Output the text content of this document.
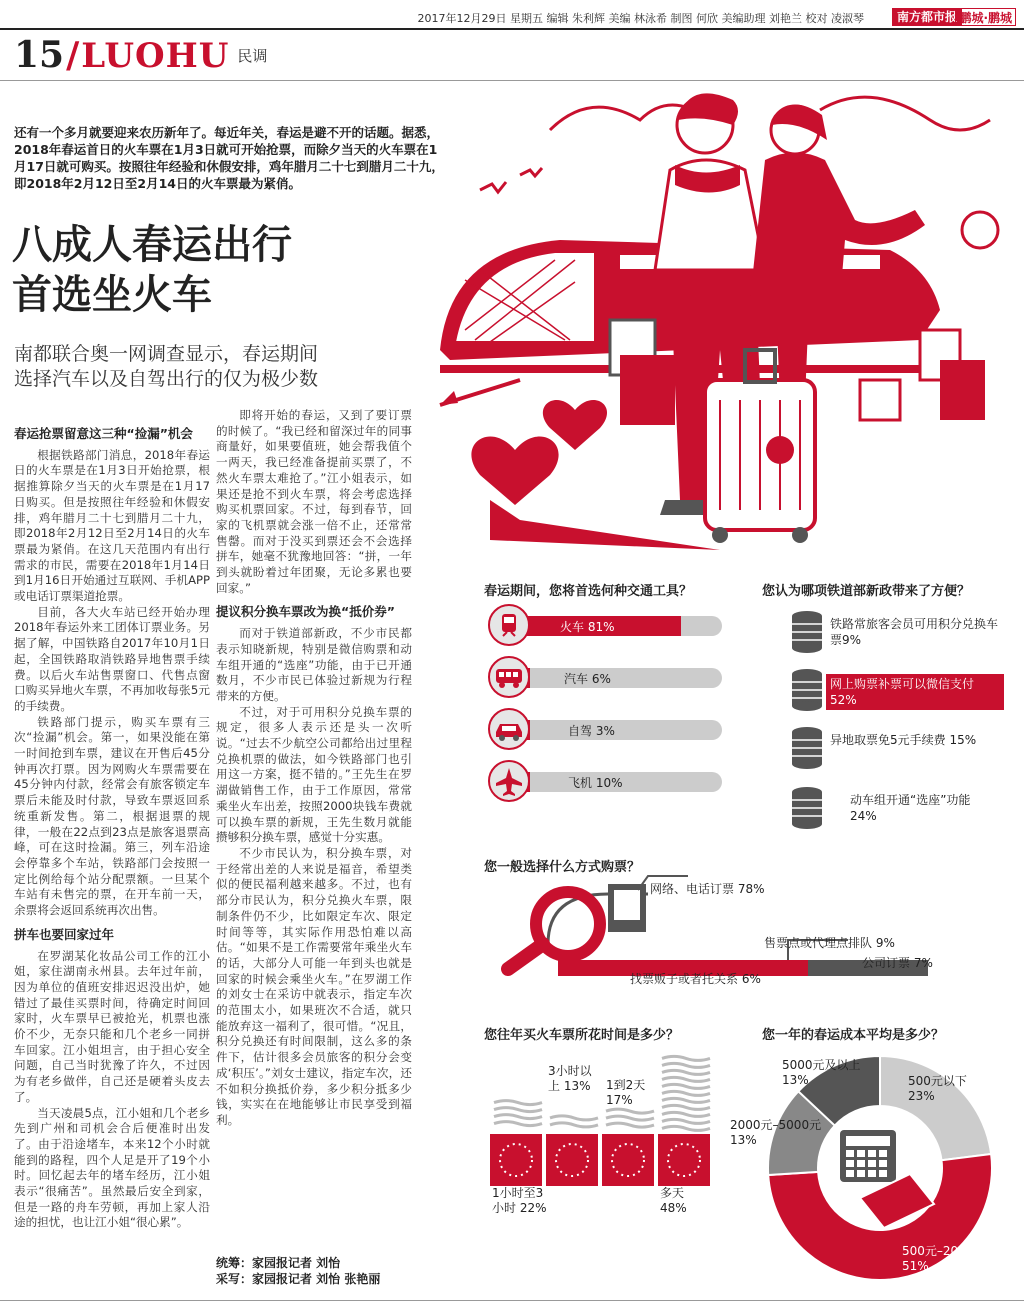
2017年12月29日 星期五 编辑 朱利辉 美编 林泳希 制图 何欣 美编助理 刘艳兰 校对 凌淑琴	南方都市报 鹏城·鹏城
15/LUOHU 民调
还有一个多月就要迎来农历新年了。每近年关，春运是避不开的话题。据悉，2018年春运首日的火车票在1月3日就可开始抢票，而除夕当天的火车票在1月17日就可购买。按照往年经验和休假安排，鸡年腊月二十七到腊月二十九，即2018年2月12日至2月14日的火车票最为紧俏。
八成人春运出行
首选坐火车
南都联合奥一网调查显示，春运期间
选择汽车以及自驾出行的仅为极少数
春运抢票留意这三种“捡漏”机会

根据铁路部门消息，2018年春运日的火车票是在1月3日开始抢票，根据推算除夕当天的火车票是在1月17日购买。但是按照往年经验和休假安排，鸡年腊月二十七到腊月二十九，即2018年2月12日至2月14日的火车票最为紧俏。在这几天范围内有出行需求的市民，需要在2018年1月14日到1月16日开始通过互联网、手机APP或电话订票渠道抢票。

目前，各大火车站已经开始办理2018年春运外来工团体订票业务。另据了解，中国铁路自2017年10月1日起，全国铁路取消铁路异地售票手续费。以后火车站售票窗口、代售点窗口购买异地火车票，不再加收每张5元的手续费。

铁路部门提示，购买车票有三次“捡漏”机会。第一，如果没能在第一时间抢到车票，建议在开售后45分钟再次打票。因为网购火车票需要在45分钟内付款，经常会有旅客锁定车票后未能及时付款，导致车票返回系统重新发售。第二，根据退票的规律，一般在22点到23点是旅客退票高峰，可在这时捡漏。第三，列车沿途会停靠多个车站，铁路部门会按照一定比例给每个站分配票额。一旦某个车站有未售完的票，在开车前一天，余票将会返回系统再次出售。

拼车也要回家过年

在罗湖某化妆品公司工作的江小姐，家住湖南永州县。去年过年前，因为单位的值班安排迟迟没出炉，她错过了最佳买票时间，待确定时间回家时，火车票早已被抢光，机票也涨价不少，无奈只能和几个老乡一同拼车回家。江小姐坦言，由于担心安全问题，自己当时犹豫了许久，不过因为有老乡做伴，自己还是硬着头皮去了。

当天凌晨5点，江小姐和几个老乡先到广州和司机会合后便准时出发了。由于沿途堵车，本来12个小时就能到的路程，四个人足是开了19个小时。回忆起去年的堵车经历，江小姐表示“很痛苦”。虽然最后安全到家，但是一路的舟车劳顿，再加上家人沿途的担忧，也让江小姐“很心累”。

即将开始的春运，又到了要订票的时候了。“我已经和留深过年的同事商量好，如果要值班，她会帮我值个一两天，我已经准备提前买票了，不然火车票太难抢了。”江小姐表示，如果还是抢不到火车票，将会考虑选择购买机票回家。不过，每到春节，回家的飞机票就会涨一倍不止，还常常售罄。而对于没买到票还会不会选择拼车，她毫不犹豫地回答：“拼，一年到头就盼着过年团聚，无论多累也要回家。”

提议积分换车票改为换“抵价券”

而对于铁道部新政，不少市民都表示知晓新规，特别是微信购票和动车组开通的“选座”功能，由于已开通数月，不少市民已体验过新规为行程带来的方便。

不过，对于可用积分兑换车票的规定，很多人表示还是头一次听说。“过去不少航空公司都给出过里程兑换机票的做法，如今铁路部门也引用这一方案，挺不错的。”王先生在罗湖做销售工作，由于工作原因，常常乘坐火车出差，按照2000块钱车费就可以换车票的新规，王先生数月就能攒够积分换车票，感觉十分实惠。

不少市民认为，积分换车票，对于经常出差的人来说是福音，希望类似的便民福利越来越多。不过，也有部分市民认为，积分兑换火车票，限制条件仍不少，比如限定车次、限定时间等等，其实际作用恐怕难以高估。“如果不是工作需要常年乘坐火车的话，大部分人可能一年到头也就是回家的时候会乘坐火车。”在罗湖工作的刘女士在采访中就表示，指定车次的范围太小，如果班次不合适，就只能放弃这一福利了，很可惜。“况且，积分兑换还有时间限制，这么多的条件下，估计很多会员旅客的积分会变成‘积压’。”刘女士建议，指定车次，还不如积分换抵价券，多少积分抵多少钱，实实在在地能够让市民享受到福利。

统筹：家园报记者 刘怡
采写：家园报记者 刘怡 张艳丽
春运期间，您将首选何种交通工具？
火车 81%
汽车 6%
自驾 3%
飞机 10%
您认为哪项铁道部新政带来了方便？
铁路常旅客会员可用积分兑换车票9%
网上购票补票可以微信支付 52%
异地取票免5元手续费 15%
动车组开通“选座”功能 24%
您一般选择什么方式购票？
网络、电话订票 78%
售票点或代理点排队 9%
公司订票 7%
找票贩子或者托关系 6%
您往年买火车票所花时间是多少？
1小时至3小时 22%
3小时以上 13% 1到2天 17%
多天 48%
您一年的春运成本平均是多少？
500元以下 23%
500元–2000元 51%
2000元–5000元 13%
5000元及以上 13%
